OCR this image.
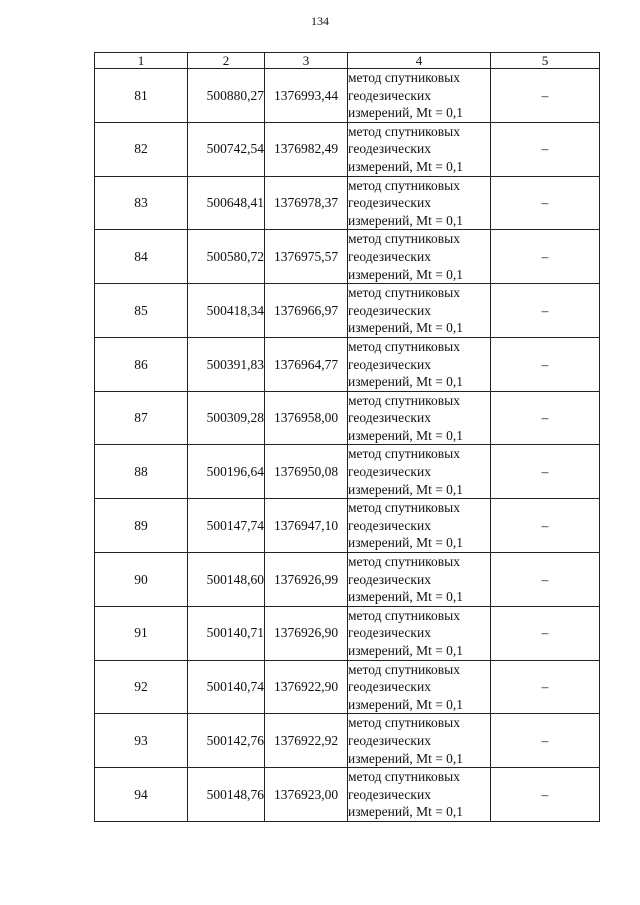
134
1	2	3	4	5
81	500880,27	1376993,44	метод спутниковых
геодезических
измерений, Mt = 0,1	–
82	500742,54	1376982,49	метод спутниковых
геодезических
измерений, Mt = 0,1	–
83	500648,41	1376978,37	метод спутниковых
геодезических
измерений, Mt = 0,1	–
84	500580,72	1376975,57	метод спутниковых
геодезических
измерений, Mt = 0,1	–
85	500418,34	1376966,97	метод спутниковых
геодезических
измерений, Mt = 0,1	–
86	500391,83	1376964,77	метод спутниковых
геодезических
измерений, Mt = 0,1	–
87	500309,28	1376958,00	метод спутниковых
геодезических
измерений, Mt = 0,1	–
88	500196,64	1376950,08	метод спутниковых
геодезических
измерений, Mt = 0,1	–
89	500147,74	1376947,10	метод спутниковых
геодезических
измерений, Mt = 0,1	–
90	500148,60	1376926,99	метод спутниковых
геодезических
измерений, Mt = 0,1	–
91	500140,71	1376926,90	метод спутниковых
геодезических
измерений, Mt = 0,1	–
92	500140,74	1376922,90	метод спутниковых
геодезических
измерений, Mt = 0,1	–
93	500142,76	1376922,92	метод спутниковых
геодезических
измерений, Mt = 0,1	–
94	500148,76	1376923,00	метод спутниковых
геодезических
измерений, Mt = 0,1	–
